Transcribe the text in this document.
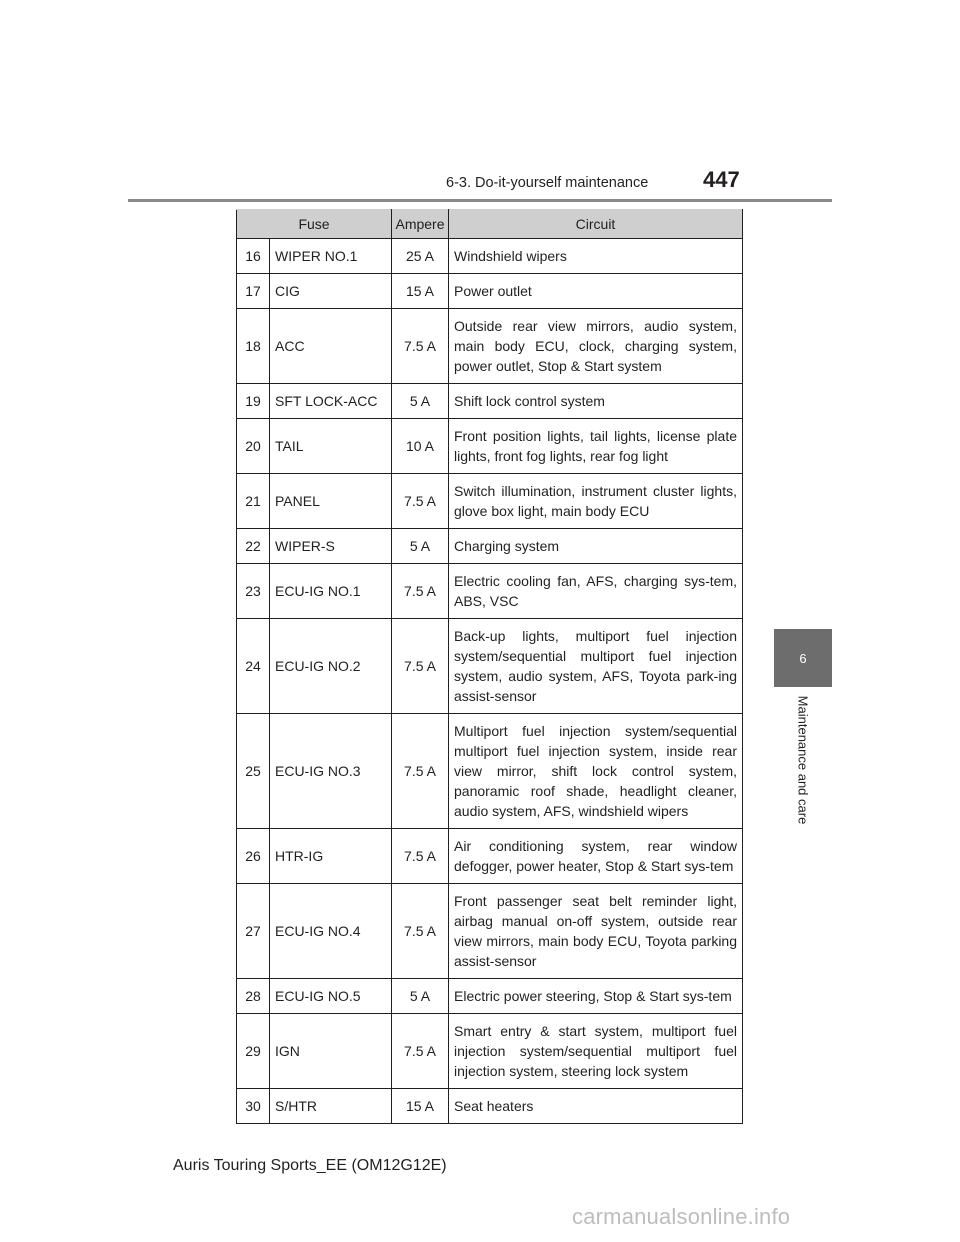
6-3. Do-it-yourself maintenance 447
Fuse		Ampere	Circuit
16	WIPER NO.1	25 A	Windshield wipers
17	CIG	15 A	Power outlet
18	ACC	7.5 A	Outside rear view mirrors, audio system, main body ECU, clock, charging system, power outlet, Stop & Start system
19	SFT LOCK-ACC	5 A	Shift lock control system
20	TAIL	10 A	Front position lights, tail lights, license plate lights, front fog lights, rear fog light
21	PANEL	7.5 A	Switch illumination, instrument cluster lights, glove box light, main body ECU
22	WIPER-S	5 A	Charging system
23	ECU-IG NO.1	7.5 A	Electric cooling fan, AFS, charging sys-tem, ABS, VSC
24	ECU-IG NO.2	7.5 A	Back-up lights, multiport fuel injection system/sequential multiport fuel injection system, audio system, AFS, Toyota park-ing assist-sensor
25	ECU-IG NO.3	7.5 A	Multiport fuel injection system/sequential multiport fuel injection system, inside rear view mirror, shift lock control system, panoramic roof shade, headlight cleaner, audio system, AFS, windshield wipers
26	HTR-IG	7.5 A	Air conditioning system, rear window defogger, power heater, Stop & Start sys-tem
27	ECU-IG NO.4	7.5 A	Front passenger seat belt reminder light, airbag manual on-off system, outside rear view mirrors, main body ECU, Toyota parking assist-sensor
28	ECU-IG NO.5	5 A	Electric power steering, Stop & Start sys-tem
29	IGN	7.5 A	Smart entry & start system, multiport fuel injection system/sequential multiport fuel injection system, steering lock system
30	S/HTR	15 A	Seat heaters
6
Maintenance and care
Auris Touring Sports_EE (OM12G12E)
carmanualsonline.info
